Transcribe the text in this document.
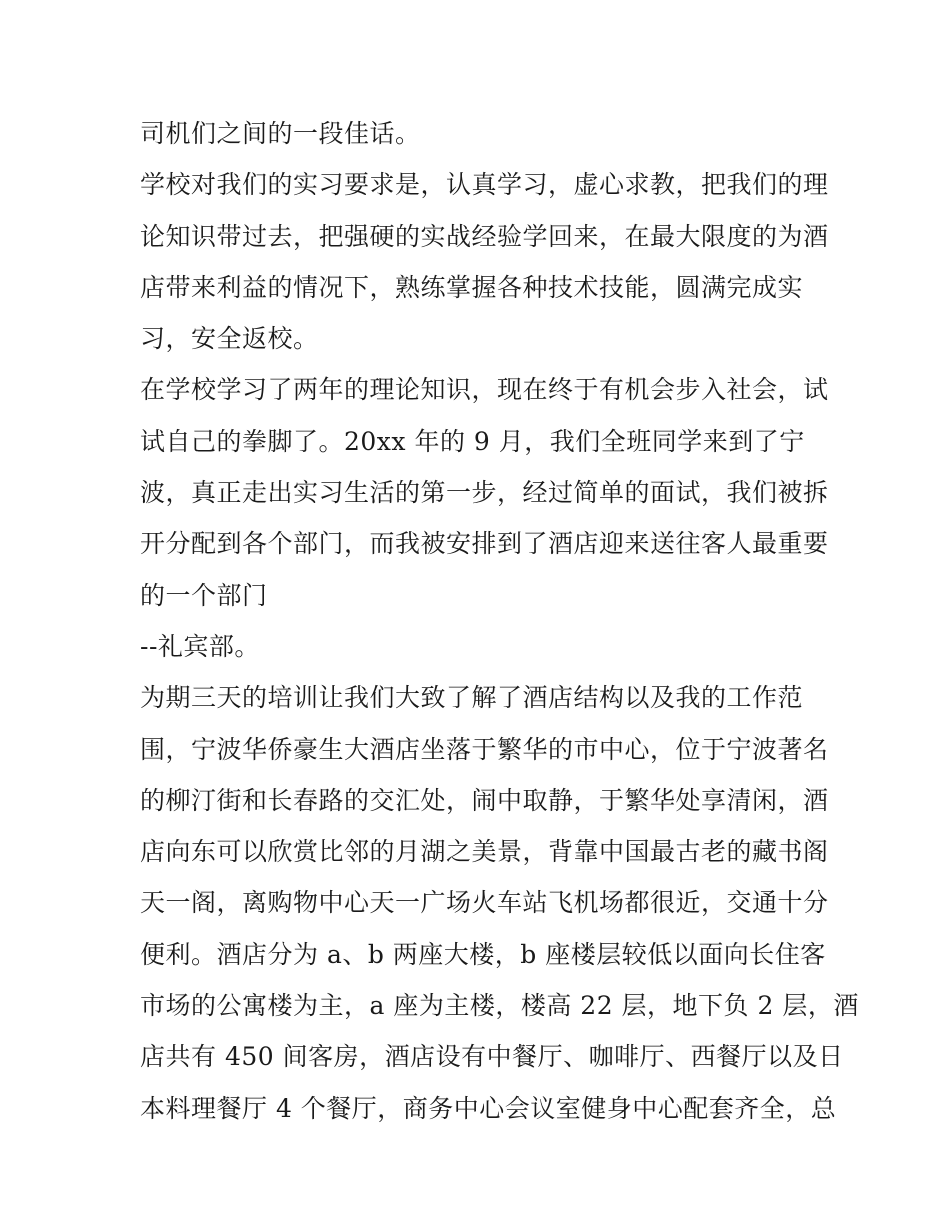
司机们之间的一段佳话。
学校对我们的实习要求是，认真学习，虚心求教，把我们的理
论知识带过去，把强硬的实战经验学回来，在最大限度的为酒
店带来利益的情况下，熟练掌握各种技术技能，圆满完成实
习，安全返校。
在学校学习了两年的理论知识，现在终于有机会步入社会，试
试自己的拳脚了。20xx 年的 9 月，我们全班同学来到了宁
波，真正走出实习生活的第一步，经过简单的面试，我们被拆
开分配到各个部门，而我被安排到了酒店迎来送往客人最重要
的一个部门
--礼宾部。
为期三天的培训让我们大致了解了酒店结构以及我的工作范
围，宁波华侨豪生大酒店坐落于繁华的市中心，位于宁波著名
的柳汀街和长春路的交汇处，闹中取静，于繁华处享清闲，酒
店向东可以欣赏比邻的月湖之美景，背靠中国最古老的藏书阁
天一阁，离购物中心天一广场火车站飞机场都很近，交通十分
便利。酒店分为 a、b 两座大楼，b 座楼层较低以面向长住客
市场的公寓楼为主，a 座为主楼，楼高 22 层，地下负 2 层，酒
店共有 450 间客房，酒店设有中餐厅、咖啡厅、西餐厅以及日
本料理餐厅 4 个餐厅，商务中心会议室健身中心配套齐全，总
